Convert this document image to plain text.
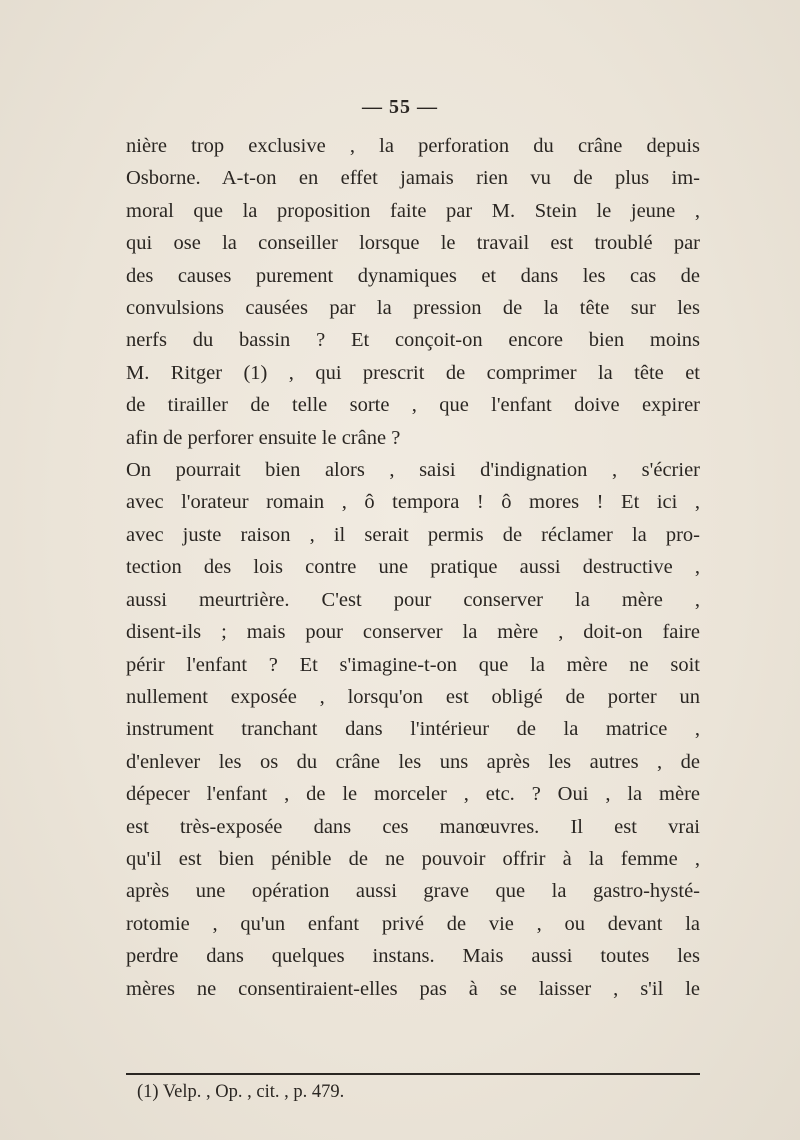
— 55 —
nière trop exclusive , la perforation du crâne depuis
Osborne. A-t-on en effet jamais rien vu de plus im-
moral que la proposition faite par M. Stein le jeune ,
qui ose la conseiller lorsque le travail est troublé par
des causes purement dynamiques et dans les cas de
convulsions causées par la pression de la tête sur les
nerfs du bassin ? Et conçoit-on encore bien moins
M. Ritger (1) , qui prescrit de comprimer la tête et
de tirailler de telle sorte , que l'enfant doive expirer
afin de perforer ensuite le crâne ?
On pourrait bien alors , saisi d'indignation , s'écrier
avec l'orateur romain , ô tempora ! ô mores ! Et ici ,
avec juste raison , il serait permis de réclamer la pro-
tection des lois contre une pratique aussi destructive ,
aussi meurtrière. C'est pour conserver la mère ,
disent-ils ; mais pour conserver la mère , doit-on faire
périr l'enfant ? Et s'imagine-t-on que la mère ne soit
nullement exposée , lorsqu'on est obligé de porter un
instrument tranchant dans l'intérieur de la matrice ,
d'enlever les os du crâne les uns après les autres , de
dépecer l'enfant , de le morceler , etc. ? Oui , la mère
est très-exposée dans ces manœuvres. Il est vrai
qu'il est bien pénible de ne pouvoir offrir à la femme ,
après une opération aussi grave que la gastro-hysté-
rotomie , qu'un enfant privé de vie , ou devant la
perdre dans quelques instans. Mais aussi toutes les
mères ne consentiraient-elles pas à se laisser , s'il le
(1) Velp. , Op. , cit. , p. 479.
